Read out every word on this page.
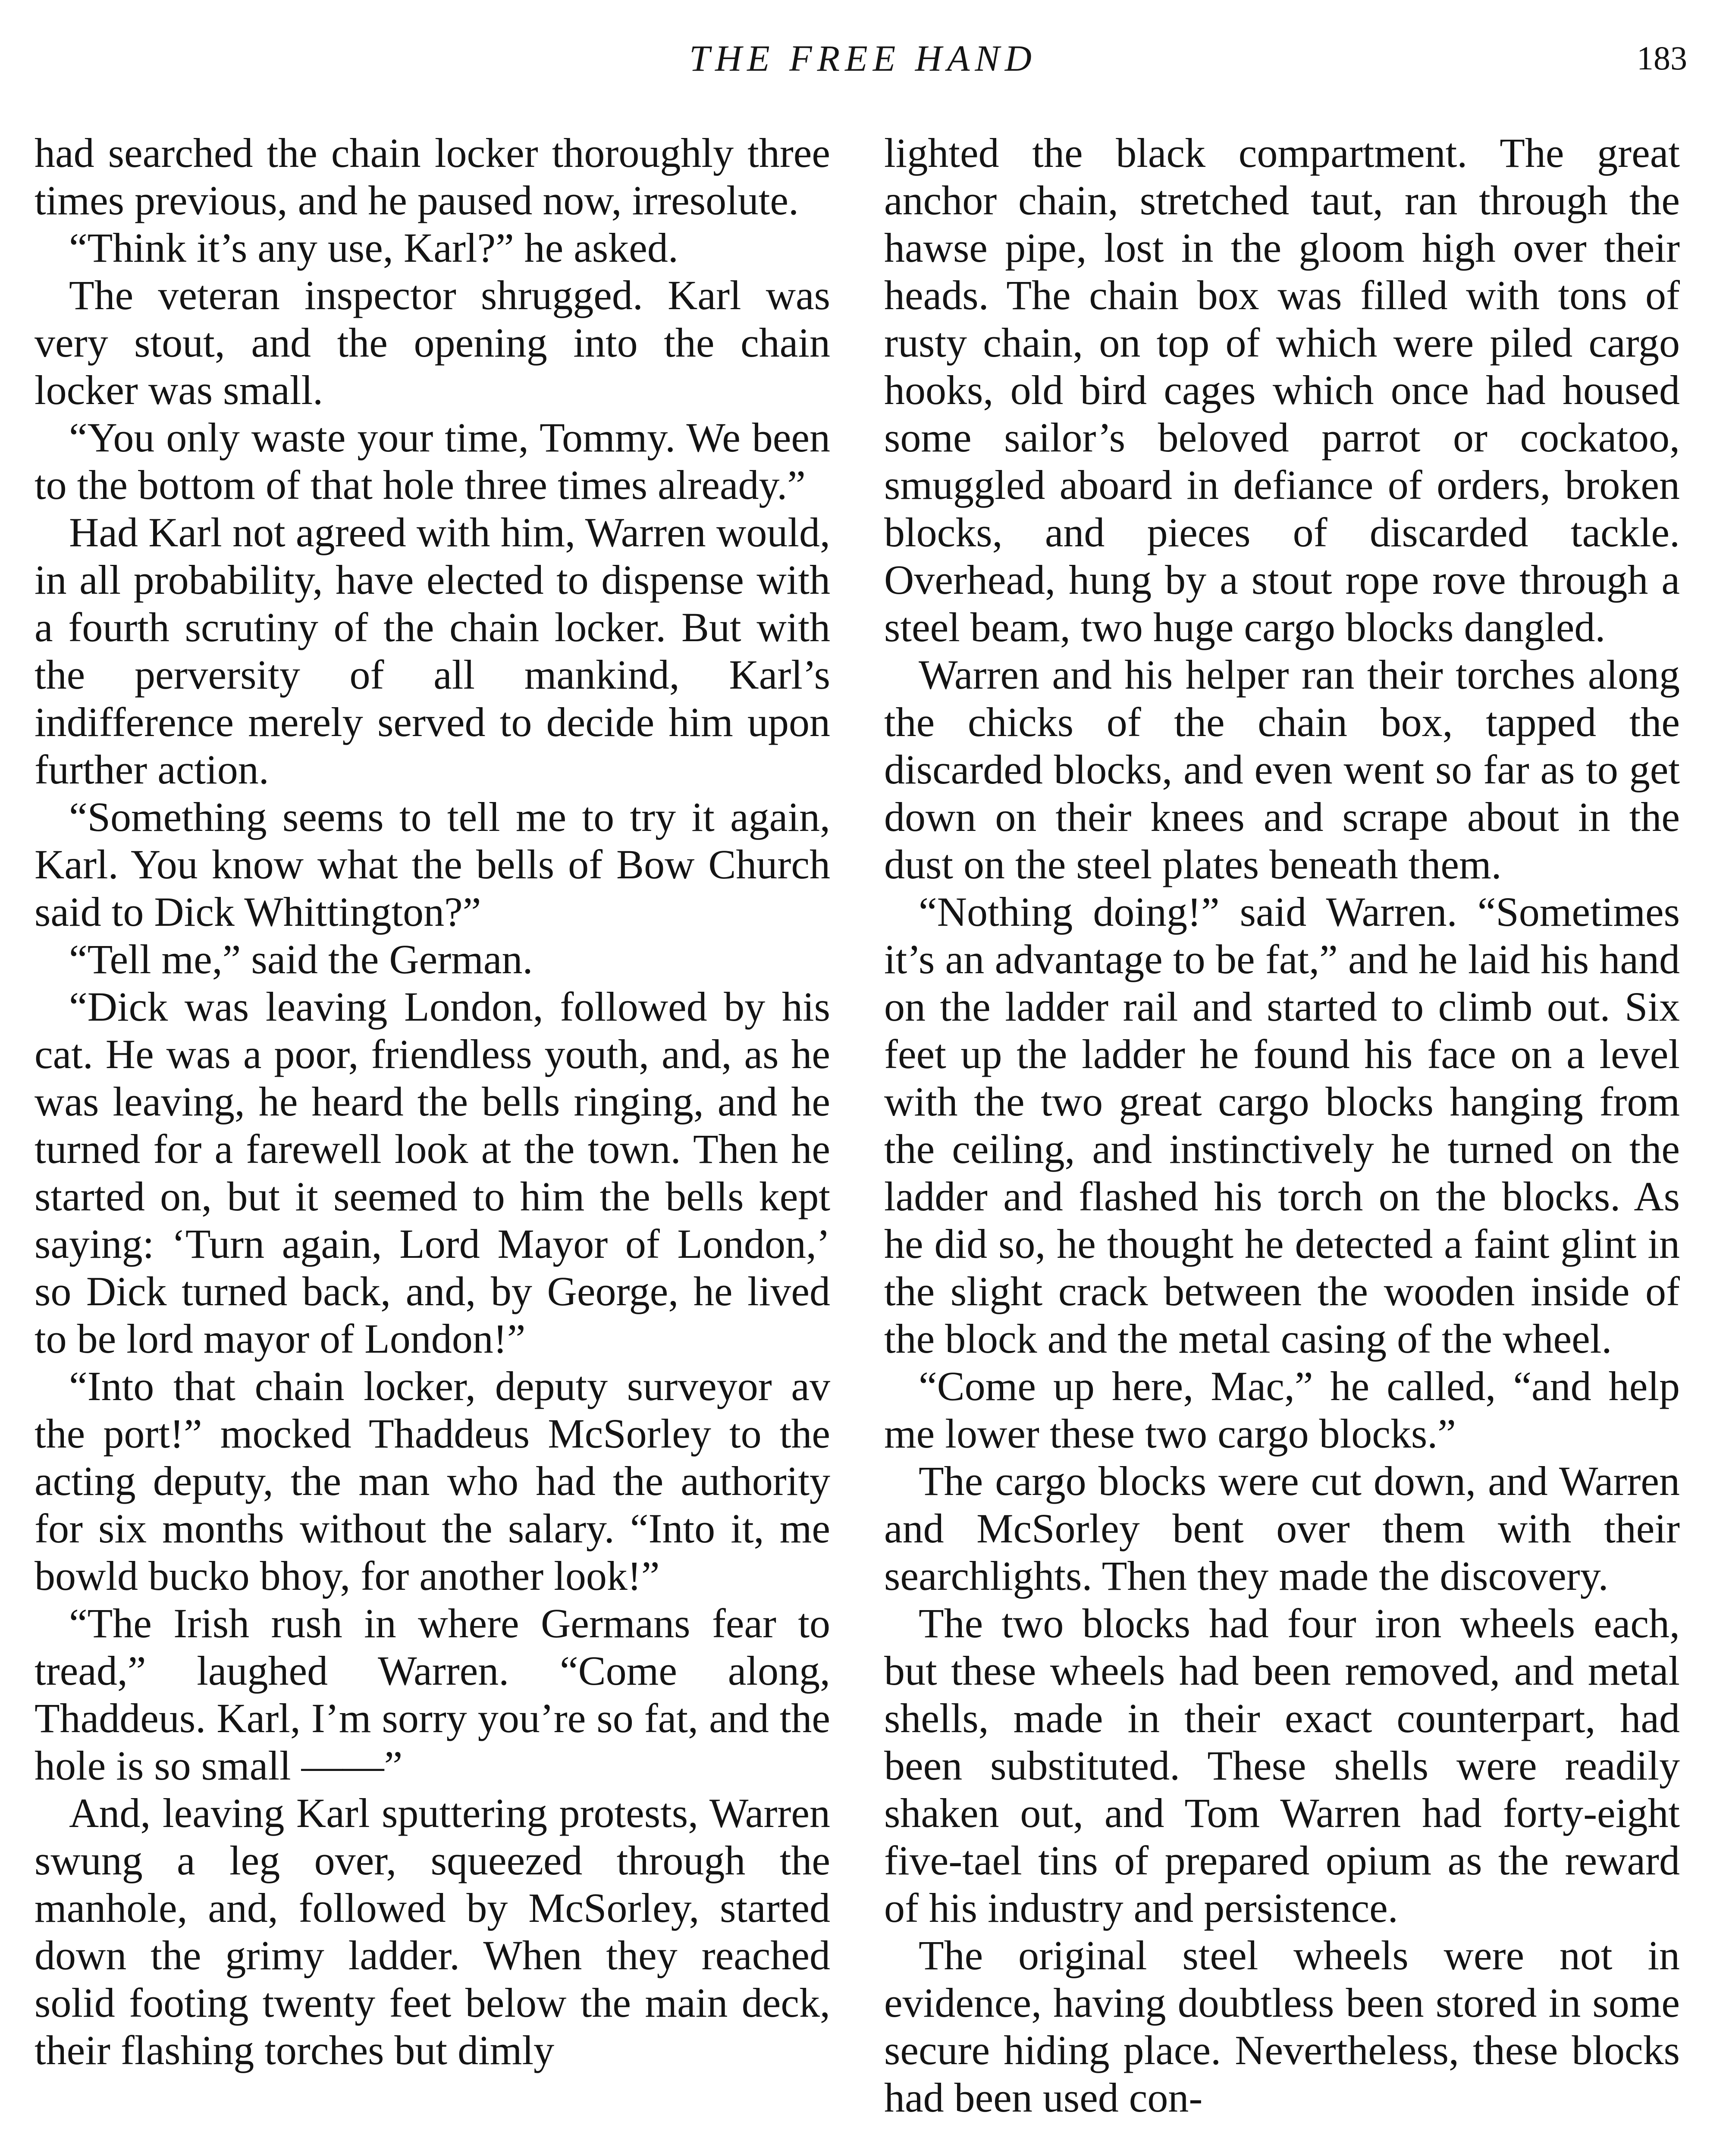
THE FREE HAND	183

had searched the chain locker thoroughly three times previous, and he paused now, irresolute.

“Think it’s any use, Karl?” he asked.

The veteran inspector shrugged. Karl was very stout, and the opening into the chain locker was small.

“You only waste your time, Tommy. We been to the bottom of that hole three times already.”

Had Karl not agreed with him, Warren would, in all probability, have elected to dispense with a fourth scrutiny of the chain locker. But with the perversity of all mankind, Karl’s indifference merely served to decide him upon further action.

“Something seems to tell me to try it again, Karl. You know what the bells of Bow Church said to Dick Whittington?”

“Tell me,” said the German.

“Dick was leaving London, followed by his cat. He was a poor, friendless youth, and, as he was leaving, he heard the bells ringing, and he turned for a farewell look at the town. Then he started on, but it seemed to him the bells kept saying: ‘Turn again, Lord Mayor of London,’ so Dick turned back, and, by George, he lived to be lord mayor of London!”

“Into that chain locker, deputy surveyor av the port!” mocked Thaddeus McSorley to the acting deputy, the man who had the authority for six months without the salary. “Into it, me bowld bucko bhoy, for another look!”

“The Irish rush in where Germans fear to tread,” laughed Warren. “Come along, Thaddeus. Karl, I’m sorry you’re so fat, and the hole is so small ——”

And, leaving Karl sputtering protests, Warren swung a leg over, squeezed through the manhole, and, followed by McSorley, started down the grimy ladder. When they reached solid footing twenty feet below the main deck, their flashing torches but dimly

lighted the black compartment. The great anchor chain, stretched taut, ran through the hawse pipe, lost in the gloom high over their heads. The chain box was filled with tons of rusty chain, on top of which were piled cargo hooks, old bird cages which once had housed some sailor’s beloved parrot or cockatoo, smuggled aboard in defiance of orders, broken blocks, and pieces of discarded tackle. Overhead, hung by a stout rope rove through a steel beam, two huge cargo blocks dangled.

Warren and his helper ran their torches along the chicks of the chain box, tapped the discarded blocks, and even went so far as to get down on their knees and scrape about in the dust on the steel plates beneath them.

“Nothing doing!” said Warren. “Sometimes it’s an advantage to be fat,” and he laid his hand on the ladder rail and started to climb out. Six feet up the ladder he found his face on a level with the two great cargo blocks hanging from the ceiling, and instinctively he turned on the ladder and flashed his torch on the blocks. As he did so, he thought he detected a faint glint in the slight crack between the wooden inside of the block and the metal casing of the wheel.

“Come up here, Mac,” he called, “and help me lower these two cargo blocks.”

The cargo blocks were cut down, and Warren and McSorley bent over them with their searchlights. Then they made the discovery.

The two blocks had four iron wheels each, but these wheels had been removed, and metal shells, made in their exact counterpart, had been substituted. These shells were readily shaken out, and Tom Warren had forty-eight five-tael tins of prepared opium as the reward of his industry and persistence.

The original steel wheels were not in evidence, having doubtless been stored in some secure hiding place. Nevertheless, these blocks had been used con-
